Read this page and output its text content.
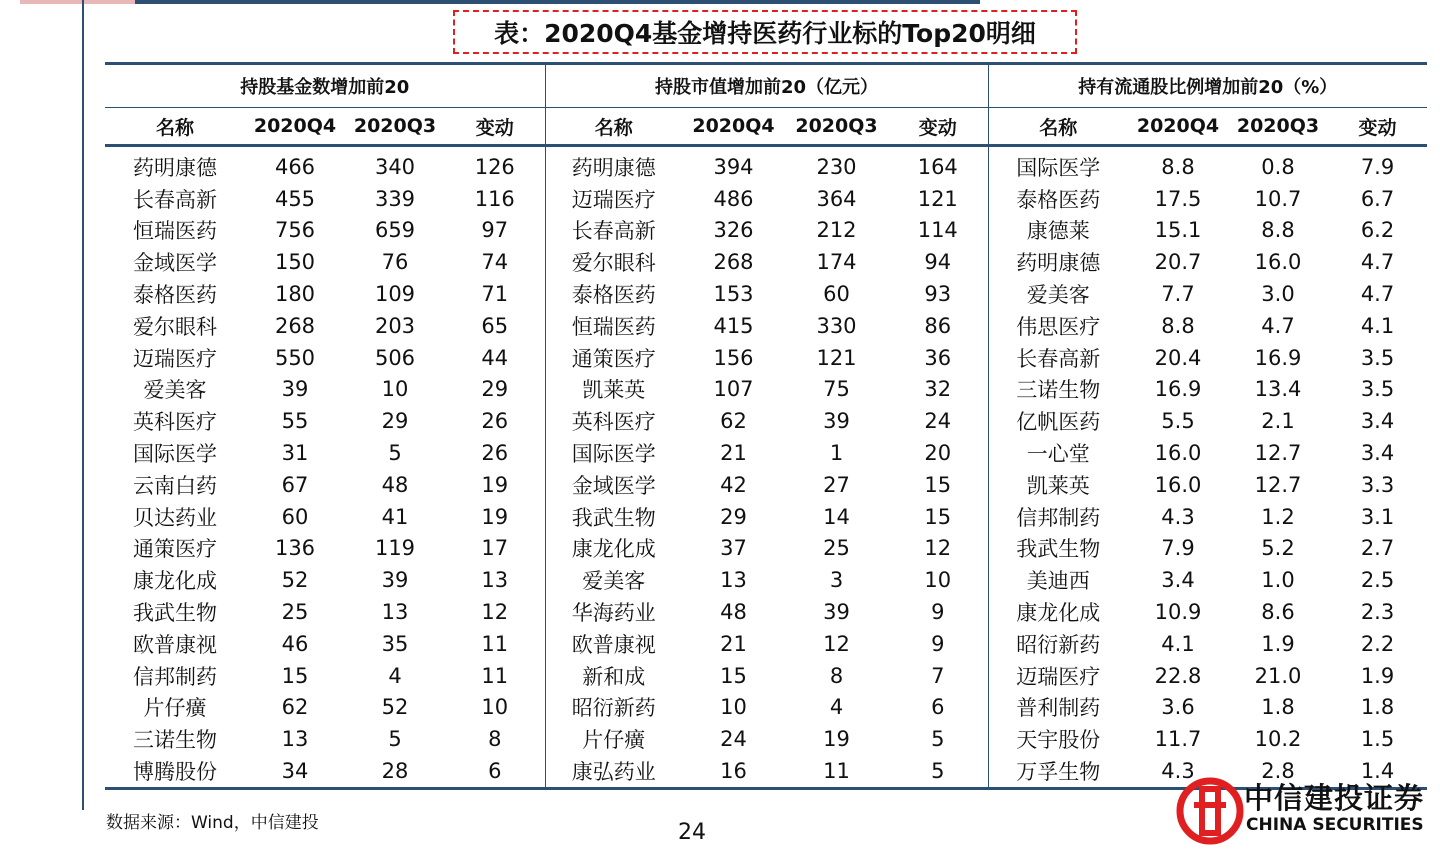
表：2020Q4基金增持医药行业标的Top20明细
持股基金数增加前20				持股市值增加前20（亿元）				持有流通股比例增加前20（%）			
名称	2020Q4	2020Q3	变动	名称	2020Q4	2020Q3	变动	名称	2020Q4	2020Q3	变动
药明康德	466	340	126	药明康德	394	230	164	国际医学	8.8	0.8	7.9
长春高新	455	339	116	迈瑞医疗	486	364	121	泰格医药	17.5	10.7	6.7
恒瑞医药	756	659	97	长春高新	326	212	114	康德莱	15.1	8.8	6.2
金域医学	150	76	74	爱尔眼科	268	174	94	药明康德	20.7	16.0	4.7
泰格医药	180	109	71	泰格医药	153	60	93	爱美客	7.7	3.0	4.7
爱尔眼科	268	203	65	恒瑞医药	415	330	86	伟思医疗	8.8	4.7	4.1
迈瑞医疗	550	506	44	通策医疗	156	121	36	长春高新	20.4	16.9	3.5
爱美客	39	10	29	凯莱英	107	75	32	三诺生物	16.9	13.4	3.5
英科医疗	55	29	26	英科医疗	62	39	24	亿帆医药	5.5	2.1	3.4
国际医学	31	5	26	国际医学	21	1	20	一心堂	16.0	12.7	3.4
云南白药	67	48	19	金域医学	42	27	15	凯莱英	16.0	12.7	3.3
贝达药业	60	41	19	我武生物	29	14	15	信邦制药	4.3	1.2	3.1
通策医疗	136	119	17	康龙化成	37	25	12	我武生物	7.9	5.2	2.7
康龙化成	52	39	13	爱美客	13	3	10	美迪西	3.4	1.0	2.5
我武生物	25	13	12	华海药业	48	39	9	康龙化成	10.9	8.6	2.3
欧普康视	46	35	11	欧普康视	21	12	9	昭衍新药	4.1	1.9	2.2
信邦制药	15	4	11	新和成	15	8	7	迈瑞医疗	22.8	21.0	1.9
片仔癀	62	52	10	昭衍新药	10	4	6	普利制药	3.6	1.8	1.8
三诺生物	13	5	8	片仔癀	24	19	5	天宇股份	11.7	10.2	1.5
博腾股份	34	28	6	康弘药业	16	11	5	万孚生物	4.3	2.8	1.4
数据来源：Wind，中信建投	24
中信建投证券
CHINA SECURITIES
